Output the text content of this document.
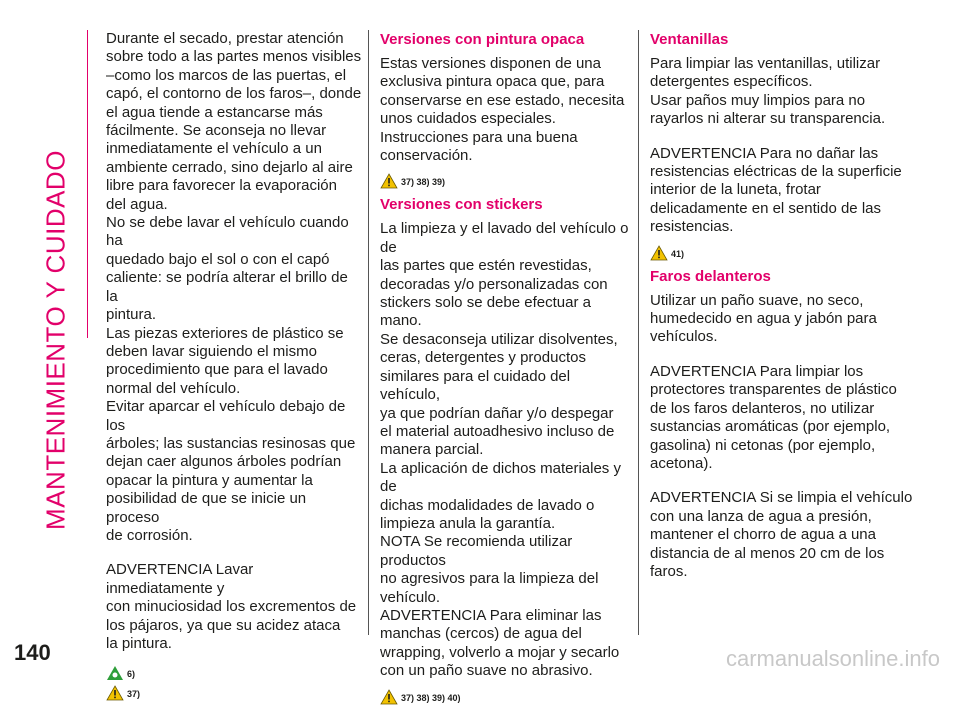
MANTENIMIENTO Y CUIDADO
140

Durante el secado, prestar atención

sobre todo a las partes menos visibles

–como los marcos de las puertas, el

capó, el contorno de los faros–, donde

el agua tiende a estancarse más

fácilmente. Se aconseja no llevar

inmediatamente el vehículo a un

ambiente cerrado, sino dejarlo al aire

libre para favorecer la evaporación

del agua.

No se debe lavar el vehículo cuando ha

quedado bajo el sol o con el capó

caliente: se podría alterar el brillo de la

pintura.

Las piezas exteriores de plástico se

deben lavar siguiendo el mismo

procedimiento que para el lavado

normal del vehículo.

Evitar aparcar el vehículo debajo de los

árboles; las sustancias resinosas que

dejan caer algunos árboles podrían

opacar la pintura y aumentar la

posibilidad de que se inicie un proceso

de corrosión.

ADVERTENCIA Lavar inmediatamente y

con minuciosidad los excrementos de

los pájaros, ya que su acidez ataca

la pintura.

6)
37)

Versiones con pintura opaca

Estas versiones disponen de una

exclusiva pintura opaca que, para

conservarse en ese estado, necesita

unos cuidados especiales.

Instrucciones para una buena

conservación.

37) 38) 39)

Versiones con stickers

La limpieza y el lavado del vehículo o de

las partes que estén revestidas,

decoradas y/o personalizadas con

stickers solo se debe efectuar a mano.

Se desaconseja utilizar disolventes,

ceras, detergentes y productos

similares para el cuidado del vehículo,

ya que podrían dañar y/o despegar

el material autoadhesivo incluso de

manera parcial.

La aplicación de dichos materiales y de

dichas modalidades de lavado o

limpieza anula la garantía.

NOTA Se recomienda utilizar productos

no agresivos para la limpieza del

vehículo.

ADVERTENCIA Para eliminar las

manchas (cercos) de agua del

wrapping, volverlo a mojar y secarlo

con un paño suave no abrasivo.

37) 38) 39) 40)

Ventanillas

Para limpiar las ventanillas, utilizar

detergentes específicos.

Usar paños muy limpios para no

rayarlos ni alterar su transparencia.

ADVERTENCIA Para no dañar las

resistencias eléctricas de la superficie

interior de la luneta, frotar

delicadamente en el sentido de las

resistencias.

41)

Faros delanteros

Utilizar un paño suave, no seco,

humedecido en agua y jabón para

vehículos.

ADVERTENCIA Para limpiar los

protectores transparentes de plástico

de los faros delanteros, no utilizar

sustancias aromáticas (por ejemplo,

gasolina) ni cetonas (por ejemplo,

acetona).

ADVERTENCIA Si se limpia el vehículo

con una lanza de agua a presión,

mantener el chorro de agua a una

distancia de al menos 20 cm de los

faros.

carmanualsonline.info
